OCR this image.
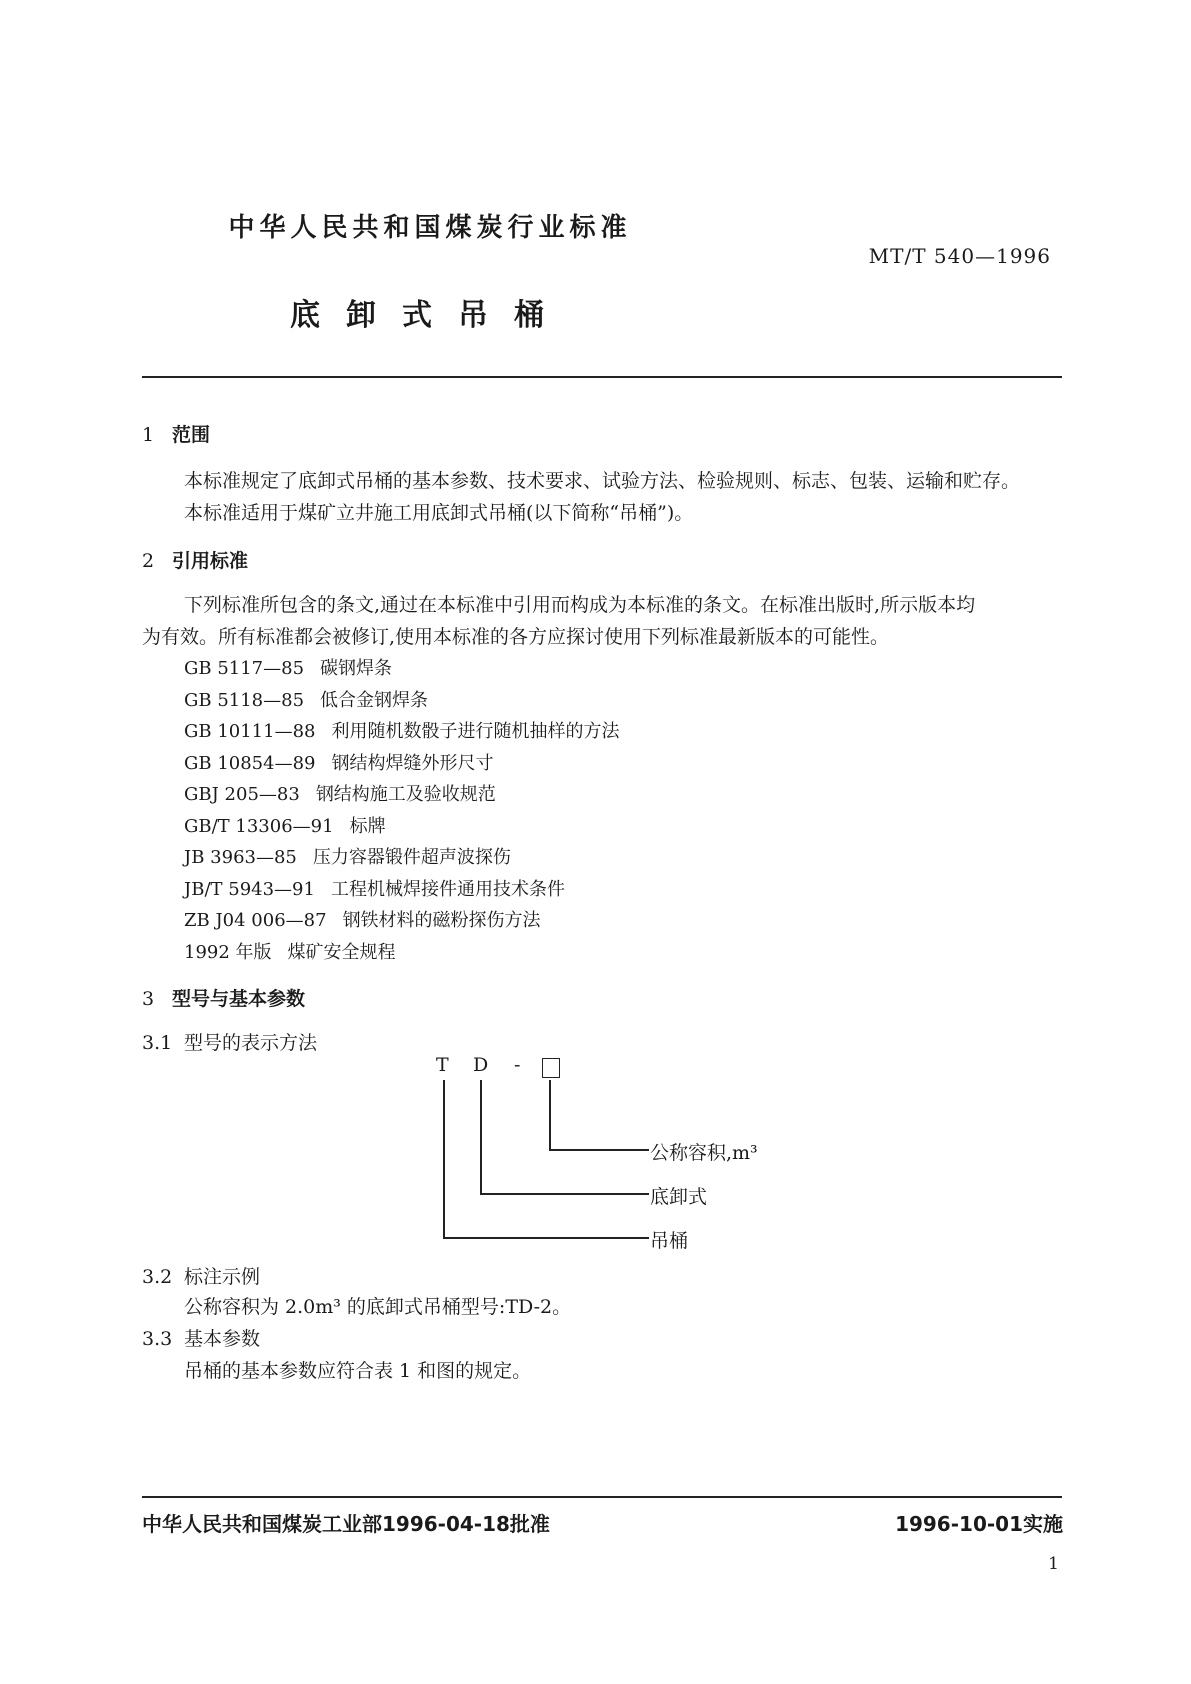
中华人民共和国煤炭行业标准
MT/T 540—1996
底卸式吊桶
1 范围
本标准规定了底卸式吊桶的基本参数、技术要求、试验方法、检验规则、标志、包装、运输和贮存。
本标准适用于煤矿立井施工用底卸式吊桶(以下简称“吊桶”)。
2 引用标准
下列标准所包含的条文,通过在本标准中引用而构成为本标准的条文。在标准出版时,所示版本均
为有效。所有标准都会被修订,使用本标准的各方应探讨使用下列标准最新版本的可能性。
GB 5117—85 碳钢焊条
GB 5118—85 低合金钢焊条
GB 10111—88 利用随机数骰子进行随机抽样的方法
GB 10854—89 钢结构焊缝外形尺寸
GBJ 205—83 钢结构施工及验收规范
GB/T 13306—91 标牌
JB 3963—85 压力容器锻件超声波探伤
JB/T 5943—91 工程机械焊接件通用技术条件
ZB J04 006—87 钢铁材料的磁粉探伤方法
1992 年版 煤矿安全规程
3 型号与基本参数
3.1 型号的表示方法
T D -
公称容积,m³
底卸式
吊桶
3.2 标注示例
公称容积为 2.0m³ 的底卸式吊桶型号:TD-2。
3.3 基本参数
吊桶的基本参数应符合表 1 和图的规定。
中华人民共和国煤炭工业部1996-04-18批准	1996-10-01实施
1
